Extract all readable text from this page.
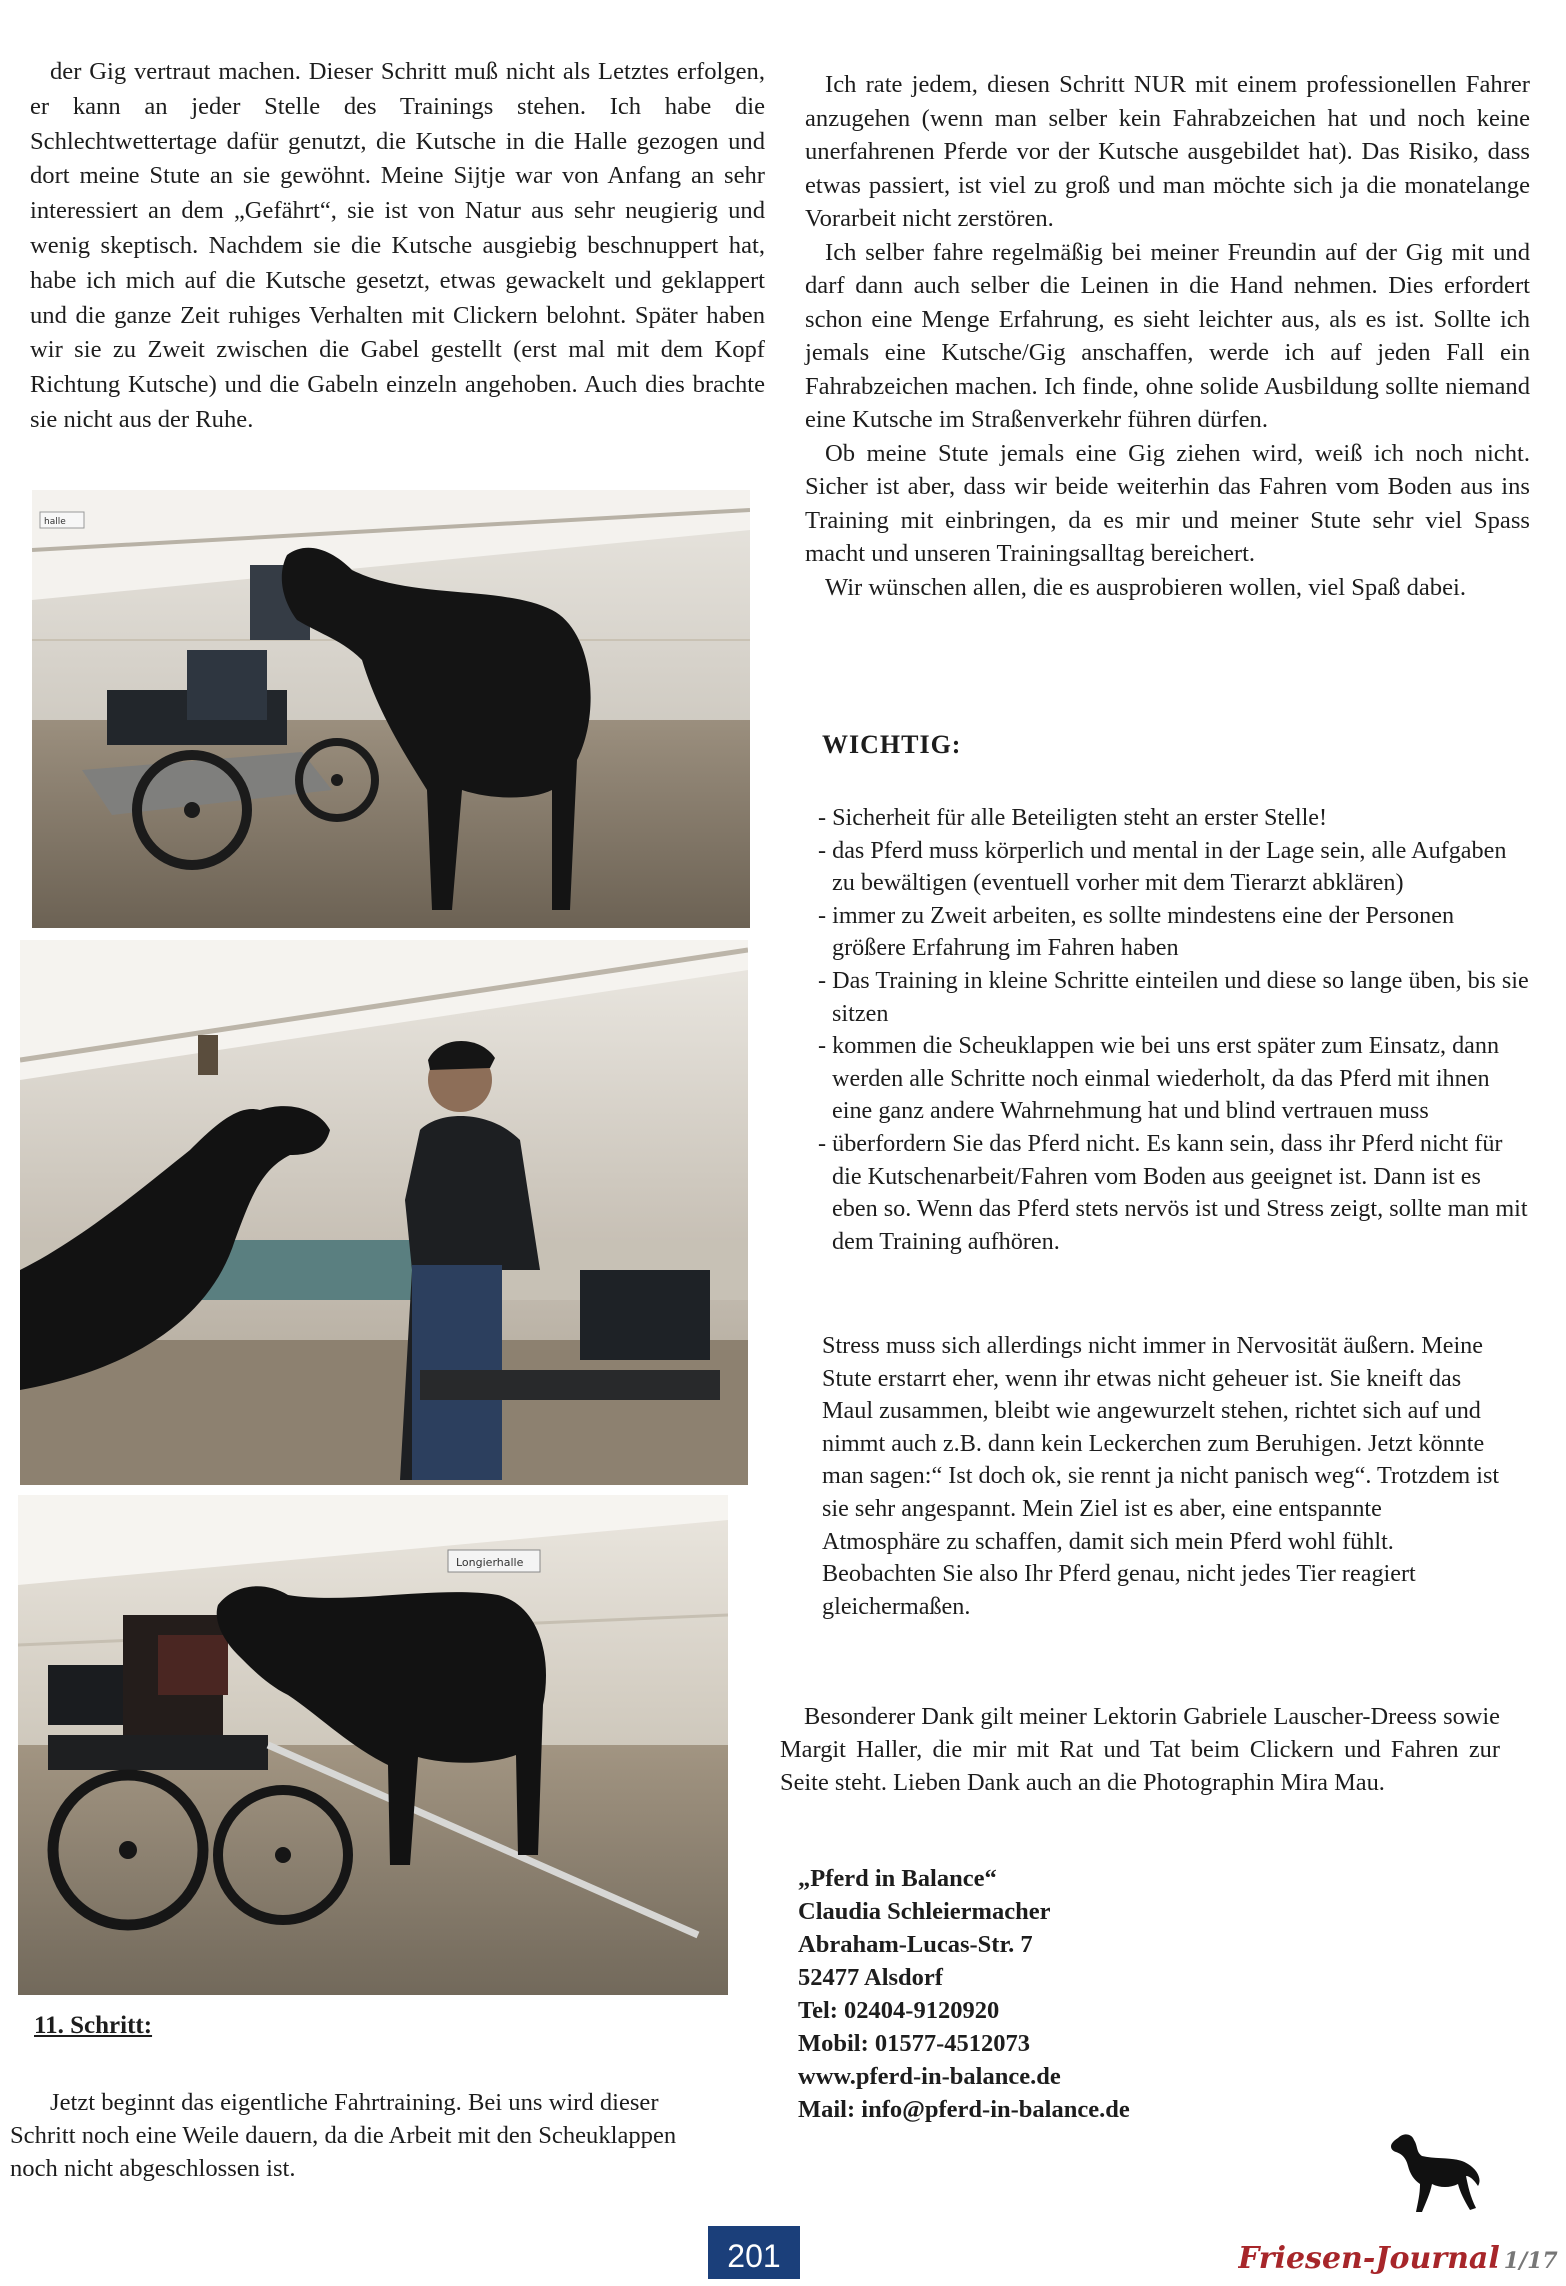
der Gig vertraut machen. Dieser Schritt muß nicht als Letztes erfolgen, er kann an jeder Stelle des Trainings stehen. Ich habe die Schlechtwettertage dafür genutzt, die Kutsche in die Halle gezogen und dort meine Stute an sie gewöhnt. Meine Sijtje war von Anfang an sehr interessiert an dem „Gefährt“, sie ist von Natur aus sehr neugierig und wenig skeptisch. Nachdem sie die Kutsche ausgiebig beschnuppert hat, habe ich mich auf die Kutsche gesetzt, etwas gewackelt und geklappert und die ganze Zeit ruhiges Verhalten mit Clickern belohnt. Später haben wir sie zu Zweit zwischen die Gabel gestellt (erst mal mit dem Kopf Richtung Kutsche) und die Gabeln einzeln angehoben. Auch dies brachte sie nicht aus der Ruhe.

halle
Longierhalle

11. Schritt:

Jetzt beginnt das eigentliche Fahrtraining. Bei uns wird dieser Schritt noch eine Weile dauern, da die Arbeit mit den Scheuklappen noch nicht abgeschlossen ist.

Ich rate jedem, diesen Schritt NUR mit einem professionellen Fahrer anzugehen (wenn man selber kein Fahrabzeichen hat und noch keine unerfahrenen Pferde vor der Kutsche ausgebildet hat). Das Risiko, dass etwas passiert, ist viel zu groß und man möchte sich ja die monatelange Vorarbeit nicht zerstören.

Ich selber fahre regelmäßig bei meiner Freundin auf der Gig mit und darf dann auch selber die Leinen in die Hand nehmen. Dies erfordert schon eine Menge Erfahrung, es sieht leichter aus, als es ist. Sollte ich jemals eine Kutsche/Gig anschaffen, werde ich auf jeden Fall ein Fahrabzeichen machen. Ich finde, ohne solide Ausbildung sollte niemand eine Kutsche im Straßenverkehr führen dürfen.

Ob meine Stute jemals eine Gig ziehen wird, weiß ich noch nicht. Sicher ist aber, dass wir beide weiterhin das Fahren vom Boden aus ins Training mit einbringen, da es mir und meiner Stute sehr viel Spass macht und unseren Trainingsalltag bereichert.

Wir wünschen allen, die es ausprobieren wollen, viel Spaß dabei.

WICHTIG:

- Sicherheit für alle Beteiligten steht an erster Stelle!
- das Pferd muss körperlich und mental in der Lage sein, alle Aufgaben zu bewältigen (eventuell vorher mit dem Tierarzt abklären)
- immer zu Zweit arbeiten, es sollte mindestens eine der Personen größere Erfahrung im Fahren haben
- Das Training in kleine Schritte einteilen und diese so lange üben, bis sie sitzen
- kommen die Scheuklappen wie bei uns erst später zum Einsatz, dann werden alle Schritte noch einmal wiederholt, da das Pferd mit ihnen eine ganz andere Wahrnehmung hat und blind vertrauen muss
- überfordern Sie das Pferd nicht. Es kann sein, dass ihr Pferd nicht für die Kutschenarbeit/Fahren vom Boden aus geeignet ist. Dann ist es eben so. Wenn das Pferd stets nervös ist und Stress zeigt, sollte man mit dem Training aufhören.

Stress muss sich allerdings nicht immer in Nervosität äußern. Meine Stute erstarrt eher, wenn ihr etwas nicht geheuer ist. Sie kneift das Maul zusammen, bleibt wie angewurzelt stehen, richtet sich auf und nimmt auch z.B. dann kein Leckerchen zum Beruhigen. Jetzt könnte man sagen:“ Ist doch ok, sie rennt ja nicht panisch weg“. Trotzdem ist sie sehr angespannt. Mein Ziel ist es aber, eine entspannte Atmosphäre zu schaffen, damit sich mein Pferd wohl fühlt. Beobachten Sie also Ihr Pferd genau, nicht jedes Tier reagiert gleichermaßen.

Besonderer Dank gilt meiner Lektorin Gabriele Lauscher-Dreess sowie Margit Haller, die mir mit Rat und Tat beim Clickern und Fahren zur Seite steht. Lieben Dank auch an die Photographin Mira Mau.

„Pferd in Balance“
Claudia Schleiermacher
Abraham-Lucas-Str. 7
52477 Alsdorf
Tel: 02404-9120920
Mobil: 01577-4512073
www.pferd-in-balance.de
Mail: info@pferd-in-balance.de
201	Friesen-Journal 1/17
